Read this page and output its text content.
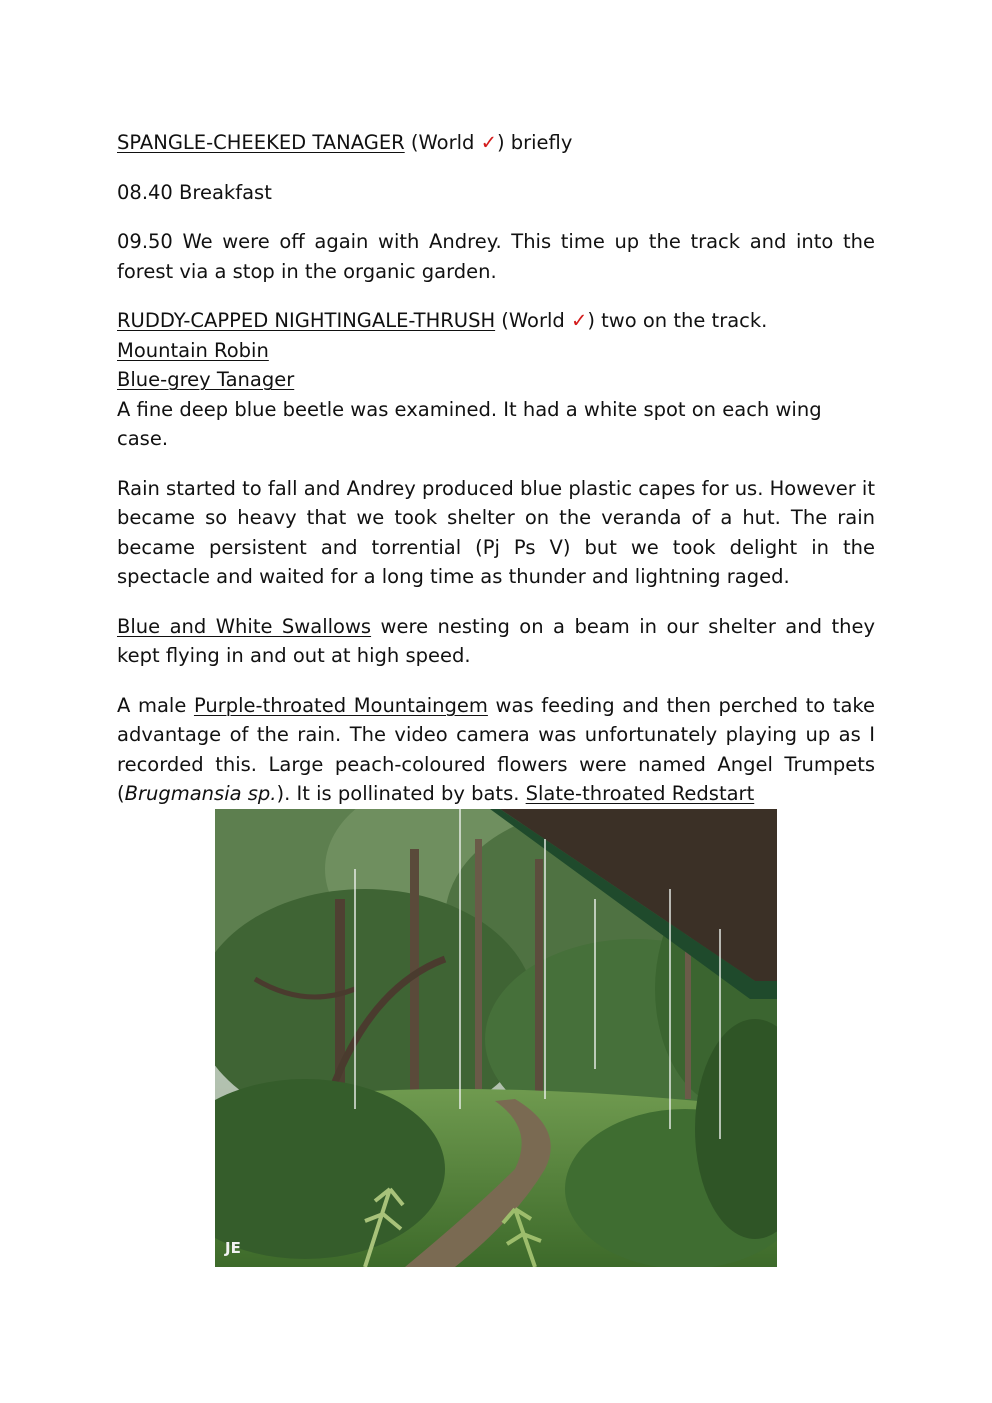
SPANGLE-CHEEKED TANAGER (World ✓) briefly

08.40 Breakfast

09.50 We were off again with Andrey. This time up the track and into the forest via a stop in the organic garden.

RUDDY-CAPPED NIGHTINGALE-THRUSH (World ✓) two on the track.
Mountain Robin
Blue-grey Tanager
A fine deep blue beetle was examined. It had a white spot on each wing case.

Rain started to fall and Andrey produced blue plastic capes for us. However it became so heavy that we took shelter on the veranda of a hut. The rain became persistent and torrential (Pj Ps V) but we took delight in the spectacle and waited for a long time as thunder and lightning raged.

Blue and White Swallows were nesting on a beam in our shelter and they kept flying in and out at high speed.

A male Purple-throated Mountaingem was feeding and then perched to take advantage of the rain. The video camera was unfortunately playing up as I recorded this. Large peach-coloured flowers were named Angel Trumpets (Brugmansia sp.). It is pollinated by bats. Slate-throated Redstart

JE
